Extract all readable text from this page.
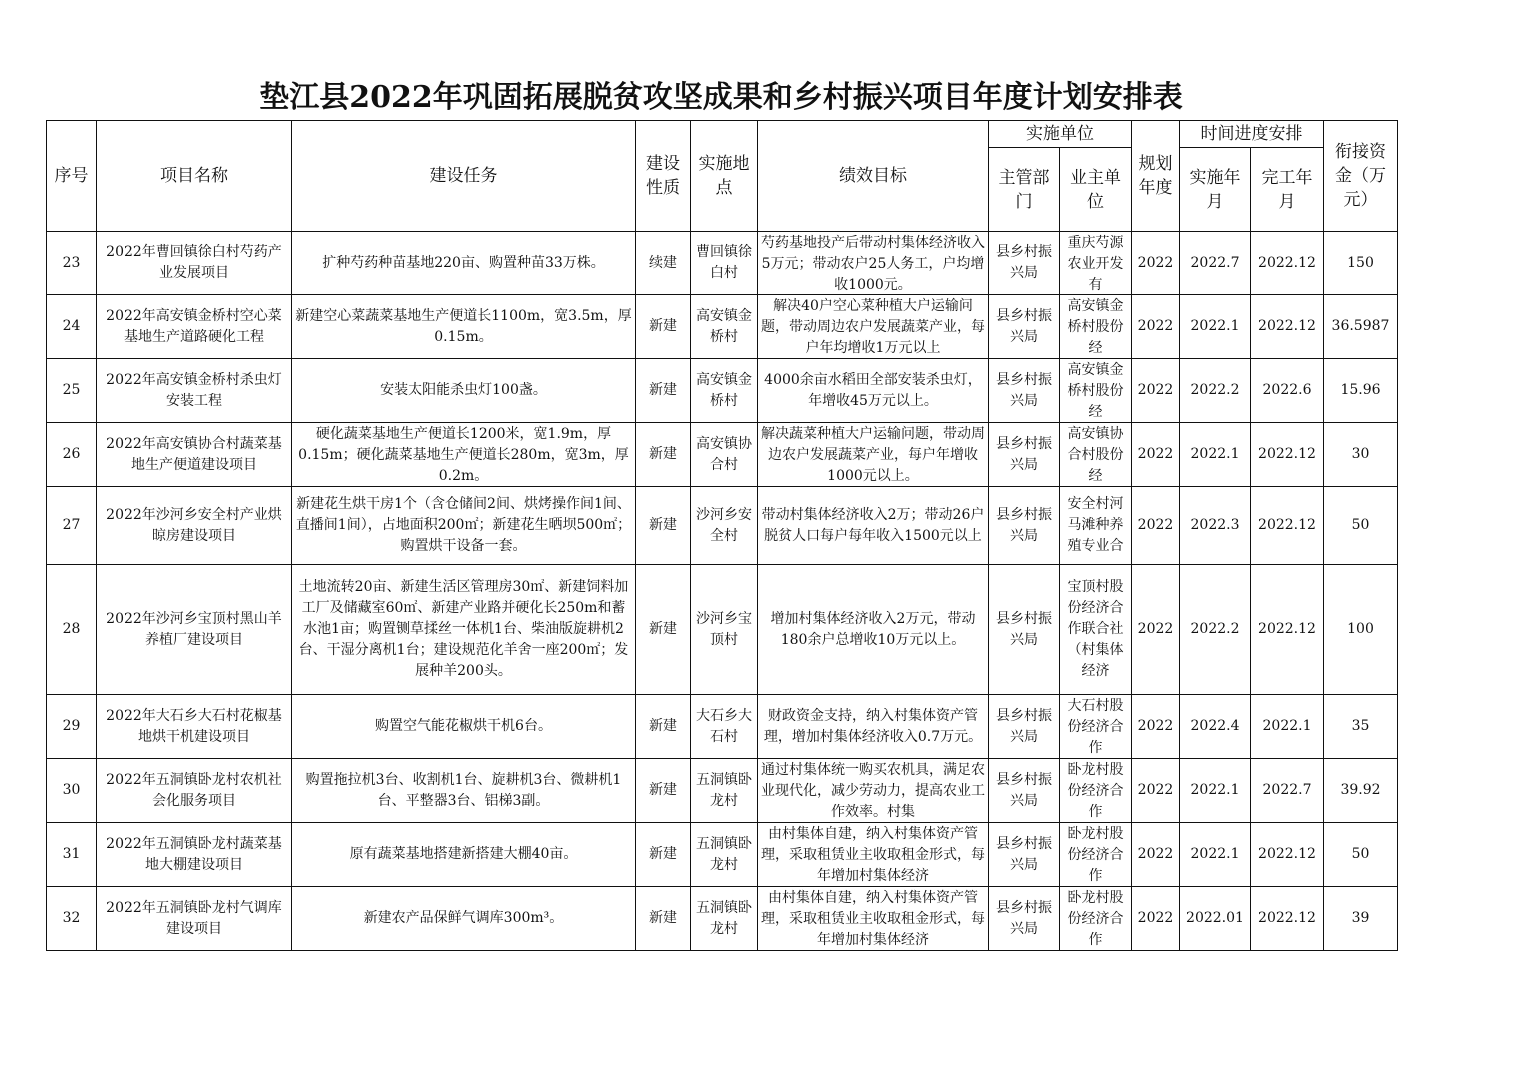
垫江县2022年巩固拓展脱贫攻坚成果和乡村振兴项目年度计划安排表
序号	项目名称	建设任务	建设性质	实施地点	绩效目标	实施单位		规划年度	时间进度安排		衔接资金（万元）
						主管部门	业主单位		实施年月	完工年月	

23	2022年曹回镇徐白村芍药产业发展项目	扩种芍药种苗基地220亩、购置种苗33万株。	续建	曹回镇徐白村	芍药基地投产后带动村集体经济收入5万元；带动农户25人务工，户均增收1000元。	县乡村振兴局	重庆芍源农业开发有	2022	2022.7	2022.12	150

24	2022年高安镇金桥村空心菜基地生产道路硬化工程	新建空心菜蔬菜基地生产便道长1100m，宽3.5m，厚0.15m。	新建	高安镇金桥村	解决40户空心菜种植大户运输问题，带动周边农户发展蔬菜产业，每户年均增收1万元以上	县乡村振兴局	高安镇金桥村股份经	2022	2022.1	2022.12	36.5987

25	2022年高安镇金桥村杀虫灯安装工程	安装太阳能杀虫灯100盏。	新建	高安镇金桥村	4000余亩水稻田全部安装杀虫灯，年增收45万元以上。	县乡村振兴局	高安镇金桥村股份经	2022	2022.2	2022.6	15.96

26	2022年高安镇协合村蔬菜基地生产便道建设项目	硬化蔬菜基地生产便道长1200米，宽1.9m，厚0.15m；硬化蔬菜基地生产便道长280m，宽3m，厚0.2m。	新建	高安镇协合村	解决蔬菜种植大户运输问题，带动周边农户发展蔬菜产业，每户年增收1000元以上。	县乡村振兴局	高安镇协合村股份经	2022	2022.1	2022.12	30

27	2022年沙河乡安全村产业烘晾房建设项目	新建花生烘干房1个（含仓储间2间、烘烤操作间1间、直播间1间），占地面积200㎡；新建花生晒坝500㎡；购置烘干设备一套。	新建	沙河乡安全村	带动村集体经济收入2万；带动26户脱贫人口每户每年收入1500元以上	县乡村振兴局	安全村河马滩种养殖专业合	2022	2022.3	2022.12	50

28	2022年沙河乡宝顶村黑山羊养植厂建设项目	土地流转20亩、新建生活区管理房30㎡、新建饲料加工厂及储藏室60㎡、新建产业路并硬化长250m和蓄水池1亩；购置铡草揉丝一体机1台、柴油版旋耕机2台、干湿分离机1台；建设规范化羊舍一座200㎡；发展种羊200头。	新建	沙河乡宝顶村	增加村集体经济收入2万元，带动180余户总增收10万元以上。	县乡村振兴局	宝顶村股份经济合作联合社（村集体经济	2022	2022.2	2022.12	100

29	2022年大石乡大石村花椒基地烘干机建设项目	购置空气能花椒烘干机6台。	新建	大石乡大石村	财政资金支持，纳入村集体资产管理，增加村集体经济收入0.7万元。	县乡村振兴局	大石村股份经济合作	2022	2022.4	2022.1	35

30	2022年五洞镇卧龙村农机社会化服务项目	购置拖拉机3台、收割机1台、旋耕机3台、微耕机1台、平整器3台、铝梯3副。	新建	五洞镇卧龙村	通过村集体统一购买农机具，满足农业现代化，减少劳动力，提高农业工作效率。村集	县乡村振兴局	卧龙村股份经济合作	2022	2022.1	2022.7	39.92

31	2022年五洞镇卧龙村蔬菜基地大棚建设项目	原有蔬菜基地搭建新搭建大棚40亩。	新建	五洞镇卧龙村	由村集体自建，纳入村集体资产管理，采取租赁业主收取租金形式，每年增加村集体经济	县乡村振兴局	卧龙村股份经济合作	2022	2022.1	2022.12	50

32	2022年五洞镇卧龙村气调库建设项目	新建农产品保鲜气调库300m³。	新建	五洞镇卧龙村	由村集体自建，纳入村集体资产管理，采取租赁业主收取租金形式，每年增加村集体经济	县乡村振兴局	卧龙村股份经济合作	2022	2022.01	2022.12	39
